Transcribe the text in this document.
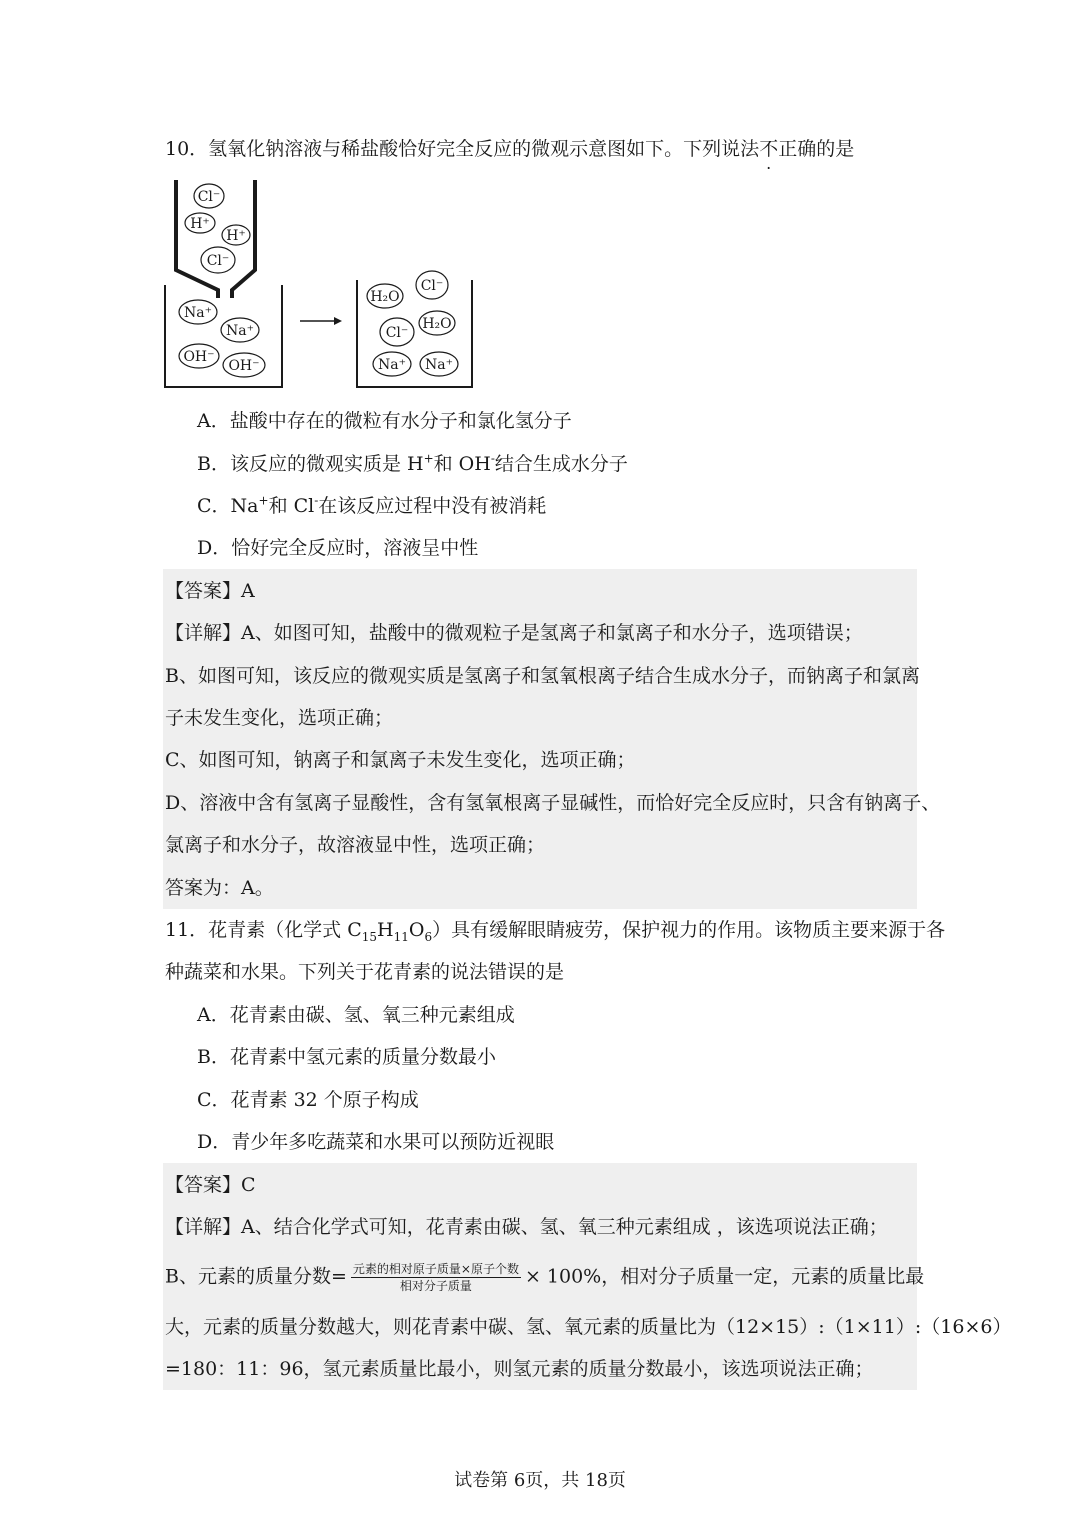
10．氢氧化钠溶液与稀盐酸恰好完全反应的微观示意图如下。下列说法不正确的是
Cl⁻
H⁺
H⁺
Cl⁻
Na⁺
Na⁺
OH⁻
OH⁻
H₂O
Cl⁻
Cl⁻
H₂O
Na⁺ Na⁺
A．盐酸中存在的微粒有水分子和氯化氢分子
B．该反应的微观实质是 H+和 OH-结合生成水分子
C．Na+和 Cl-在该反应过程中没有被消耗
D．恰好完全反应时，溶液呈中性
【答案】A
【详解】A、如图可知，盐酸中的微观粒子是氢离子和氯离子和水分子，选项错误；
B、如图可知，该反应的微观实质是氢离子和氢氧根离子结合生成水分子，而钠离子和氯离
子未发生变化，选项正确；
C、如图可知，钠离子和氯离子未发生变化，选项正确；
D、溶液中含有氢离子显酸性，含有氢氧根离子显碱性，而恰好完全反应时，只含有钠离子、
氯离子和水分子，故溶液显中性，选项正确；
答案为：A。
11．花青素（化学式 $C_{15}H_{11}O_6$）具有缓解眼睛疲劳，保护视力的作用。该物质主要来源于各
种蔬菜和水果。下列关于花青素的说法错误的是
A．花青素由碳、氢、氧三种元素组成
B．花青素中氢元素的质量分数最小
C．花青素 32 个原子构成
D．青少年多吃蔬菜和水果可以预防近视眼
【答案】C
【详解】A、结合化学式可知，花青素由碳、氢、氧三种元素组成 ，该选项说法正确；
B、元素的质量分数= $\frac{\text{元素的相对原子质量×原子个数}}{\text{相对分子质量}} \times 100\%$，相对分子质量一定，元素的质量比最
大，元素的质量分数越大，则花青素中碳、氢、氧元素的质量比为（12×15）:（1×11）:（16×6）
=180：11：96，氢元素质量比最小，则氢元素的质量分数最小，该选项说法正确；
试卷第 6页，共 18页
